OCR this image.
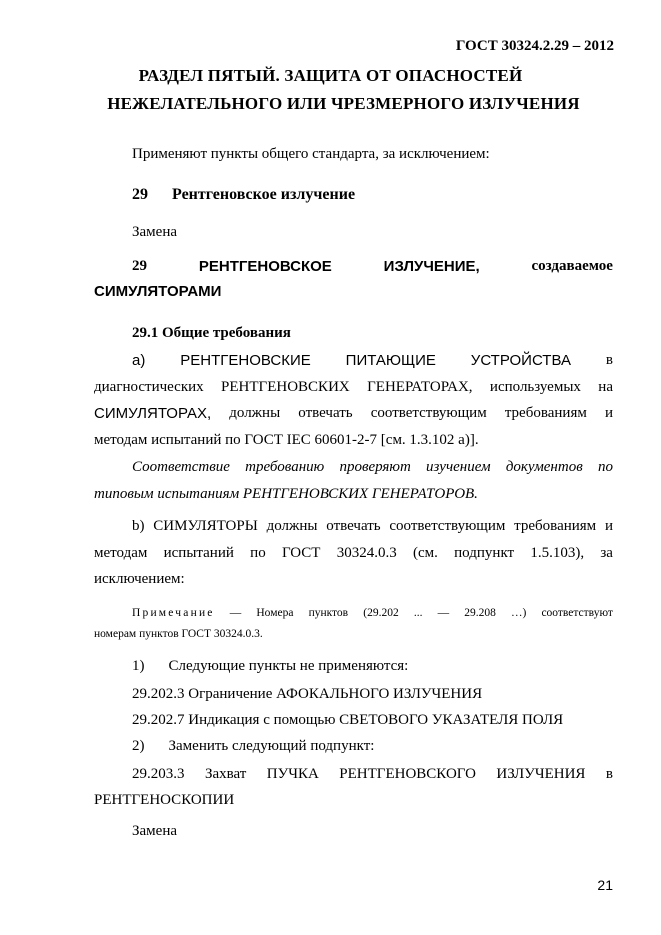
ГОСТ 30324.2.29 – 2012
РАЗДЕЛ ПЯТЫЙ. ЗАЩИТА ОТ ОПАСНОСТЕЙ
НЕЖЕЛАТЕЛЬНОГО ИЛИ ЧРЕЗМЕРНОГО ИЗЛУЧЕНИЯ
Применяют пункты общего стандарта, за исключением:
29 Рентгеновское излучение
Замена
29	РЕНТГЕНОВСКОЕ	ИЗЛУЧЕНИЕ,	создаваемое
СИМУЛЯТОРАМИ
29.1 Общие требования
а) РЕНТГЕНОВСКИЕ ПИТАЮЩИЕ УСТРОЙСТВА в
диагностических РЕНТГЕНОВСКИХ ГЕНЕРАТОРАХ, используемых на
СИМУЛЯТОРАХ, должны отвечать соответствующим требованиям и
методам испытаний по ГОСТ IEC 60601-2-7 [см. 1.3.102 а)].
Соответствие требованию проверяют изучением документов по
типовым испытаниям РЕНТГЕНОВСКИХ ГЕНЕРАТОРОВ.
b) СИМУЛЯТОРЫ должны отвечать соответствующим требованиям и
методам испытаний по ГОСТ 30324.0.3 (см. подпункт 1.5.103), за
исключением:
Примечание — Номера пунктов (29.202 ... — 29.208 …) соответствуют
номерам пунктов ГОСТ 30324.0.3.
1) Следующие пункты не применяются:
29.202.3 Ограничение АФОКАЛЬНОГО ИЗЛУЧЕНИЯ
29.202.7 Индикация с помощью СВЕТОВОГО УКАЗАТЕЛЯ ПОЛЯ
2) Заменить следующий подпункт:
29.203.3 Захват ПУЧКА РЕНТГЕНОВСКОГО ИЗЛУЧЕНИЯ в
РЕНТГЕНОСКОПИИ
Замена
21
